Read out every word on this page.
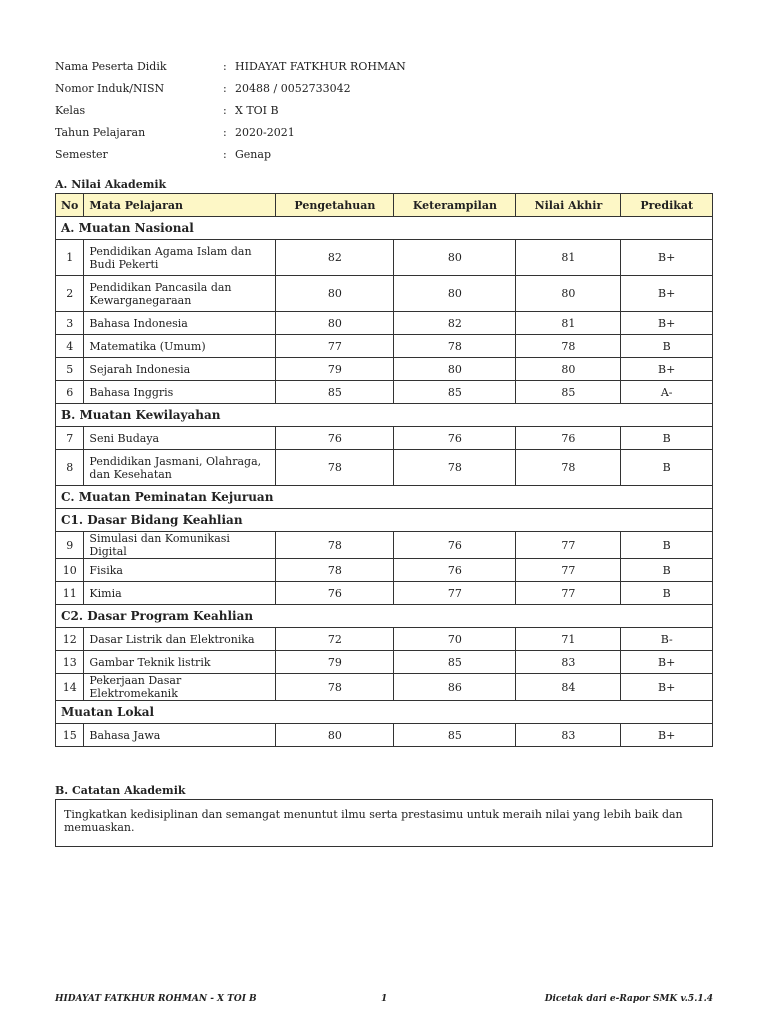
Nama Peserta Didik	: HIDAYAT FATKHUR ROHMAN
Nomor Induk/NISN	: 20488 / 0052733042
Kelas	: X TOI B
Tahun Pelajaran	: 2020-2021
Semester	: Genap
A. Nilai Akademik
No	Mata Pelajaran	Pengetahuan	Keterampilan	Nilai Akhir	Predikat
A. Muatan Nasional					
1	Pendidikan Agama Islam dan Budi Pekerti	82	80	81	B+
2	Pendidikan Pancasila dan Kewarganegaraan	80	80	80	B+
3	Bahasa Indonesia	80	82	81	B+
4	Matematika (Umum)	77	78	78	B
5	Sejarah Indonesia	79	80	80	B+
6	Bahasa Inggris	85	85	85	A-
B. Muatan Kewilayahan					
7	Seni Budaya	76	76	76	B
8	Pendidikan Jasmani, Olahraga, dan Kesehatan	78	78	78	B
C. Muatan Peminatan Kejuruan					
C1. Dasar Bidang Keahlian					
9	Simulasi dan Komunikasi Digital	78	76	77	B
10	Fisika	78	76	77	B
11	Kimia	76	77	77	B
C2. Dasar Program Keahlian					
12	Dasar Listrik dan Elektronika	72	70	71	B-
13	Gambar Teknik listrik	79	85	83	B+
14	Pekerjaan Dasar Elektromekanik	78	86	84	B+
Muatan Lokal					
15	Bahasa Jawa	80	85	83	B+
B. Catatan Akademik
Tingkatkan kedisiplinan dan semangat menuntut ilmu serta prestasimu untuk meraih nilai yang lebih baik dan memuaskan.
HIDAYAT FATKHUR ROHMAN - X TOI B	1	Dicetak dari e-Rapor SMK v.5.1.4
